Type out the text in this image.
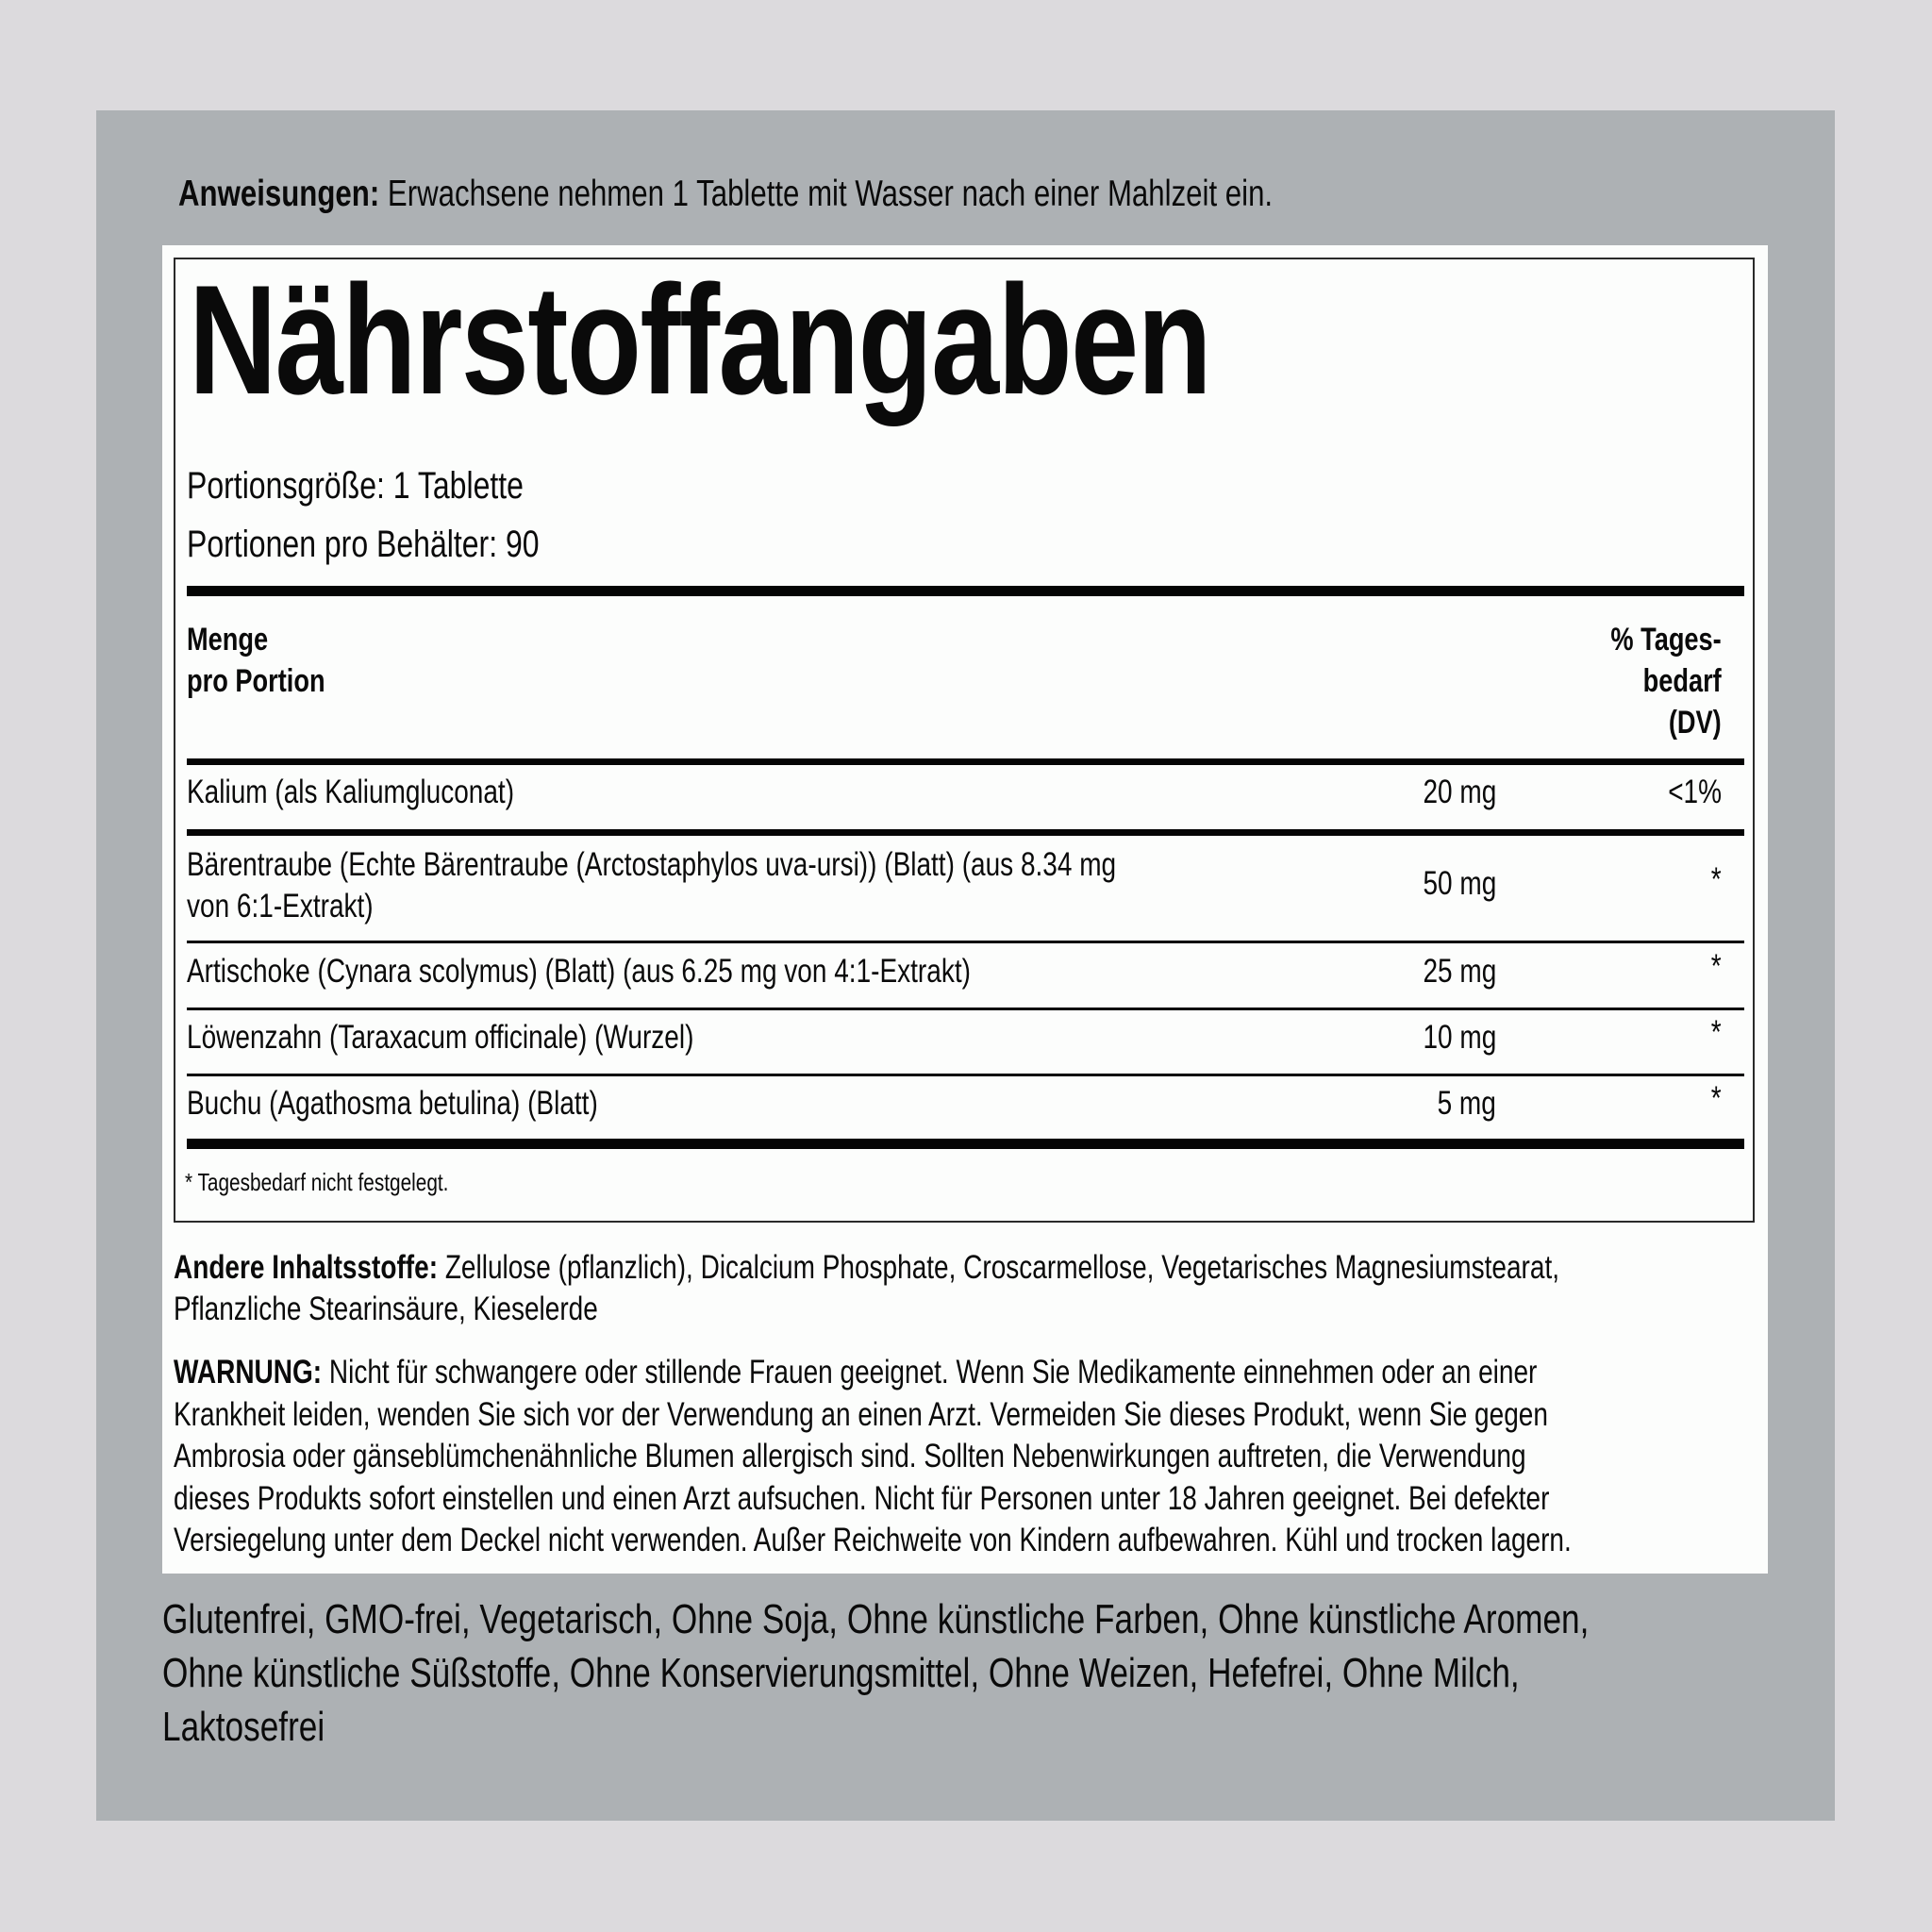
Anweisungen: Erwachsene nehmen 1 Tablette mit Wasser nach einer Mahlzeit ein.
Nährstoffangaben
Portionsgröße: 1 Tablette
Portionen pro Behälter: 90
Menge
pro Portion
% Tages-
bedarf
(DV)
Kalium (als Kaliumgluconat)	20 mg	<1%
Bärentraube (Echte Bärentraube (Arctostaphylos uva-ursi)) (Blatt) (aus 8.34 mg
von 6:1-Extrakt)
50 mg	*
Artischoke (Cynara scolymus) (Blatt) (aus 6.25 mg von 4:1-Extrakt)	25 mg	*
Löwenzahn (Taraxacum officinale) (Wurzel)	10 mg	*
Buchu (Agathosma betulina) (Blatt)	5 mg	*
* Tagesbedarf nicht festgelegt.
Andere Inhaltsstoffe: Zellulose (pflanzlich), Dicalcium Phosphate, Croscarmellose, Vegetarisches Magnesiumstearat,
Pflanzliche Stearinsäure, Kieselerde
WARNUNG: Nicht für schwangere oder stillende Frauen geeignet. Wenn Sie Medikamente einnehmen oder an einer
Krankheit leiden, wenden Sie sich vor der Verwendung an einen Arzt. Vermeiden Sie dieses Produkt, wenn Sie gegen
Ambrosia oder gänseblümchenähnliche Blumen allergisch sind. Sollten Nebenwirkungen auftreten, die Verwendung
dieses Produkts sofort einstellen und einen Arzt aufsuchen. Nicht für Personen unter 18 Jahren geeignet. Bei defekter
Versiegelung unter dem Deckel nicht verwenden. Außer Reichweite von Kindern aufbewahren. Kühl und trocken lagern.
Glutenfrei, GMO-frei, Vegetarisch, Ohne Soja, Ohne künstliche Farben, Ohne künstliche Aromen,
Ohne künstliche Süßstoffe, Ohne Konservierungsmittel, Ohne Weizen, Hefefrei, Ohne Milch,
Laktosefrei
